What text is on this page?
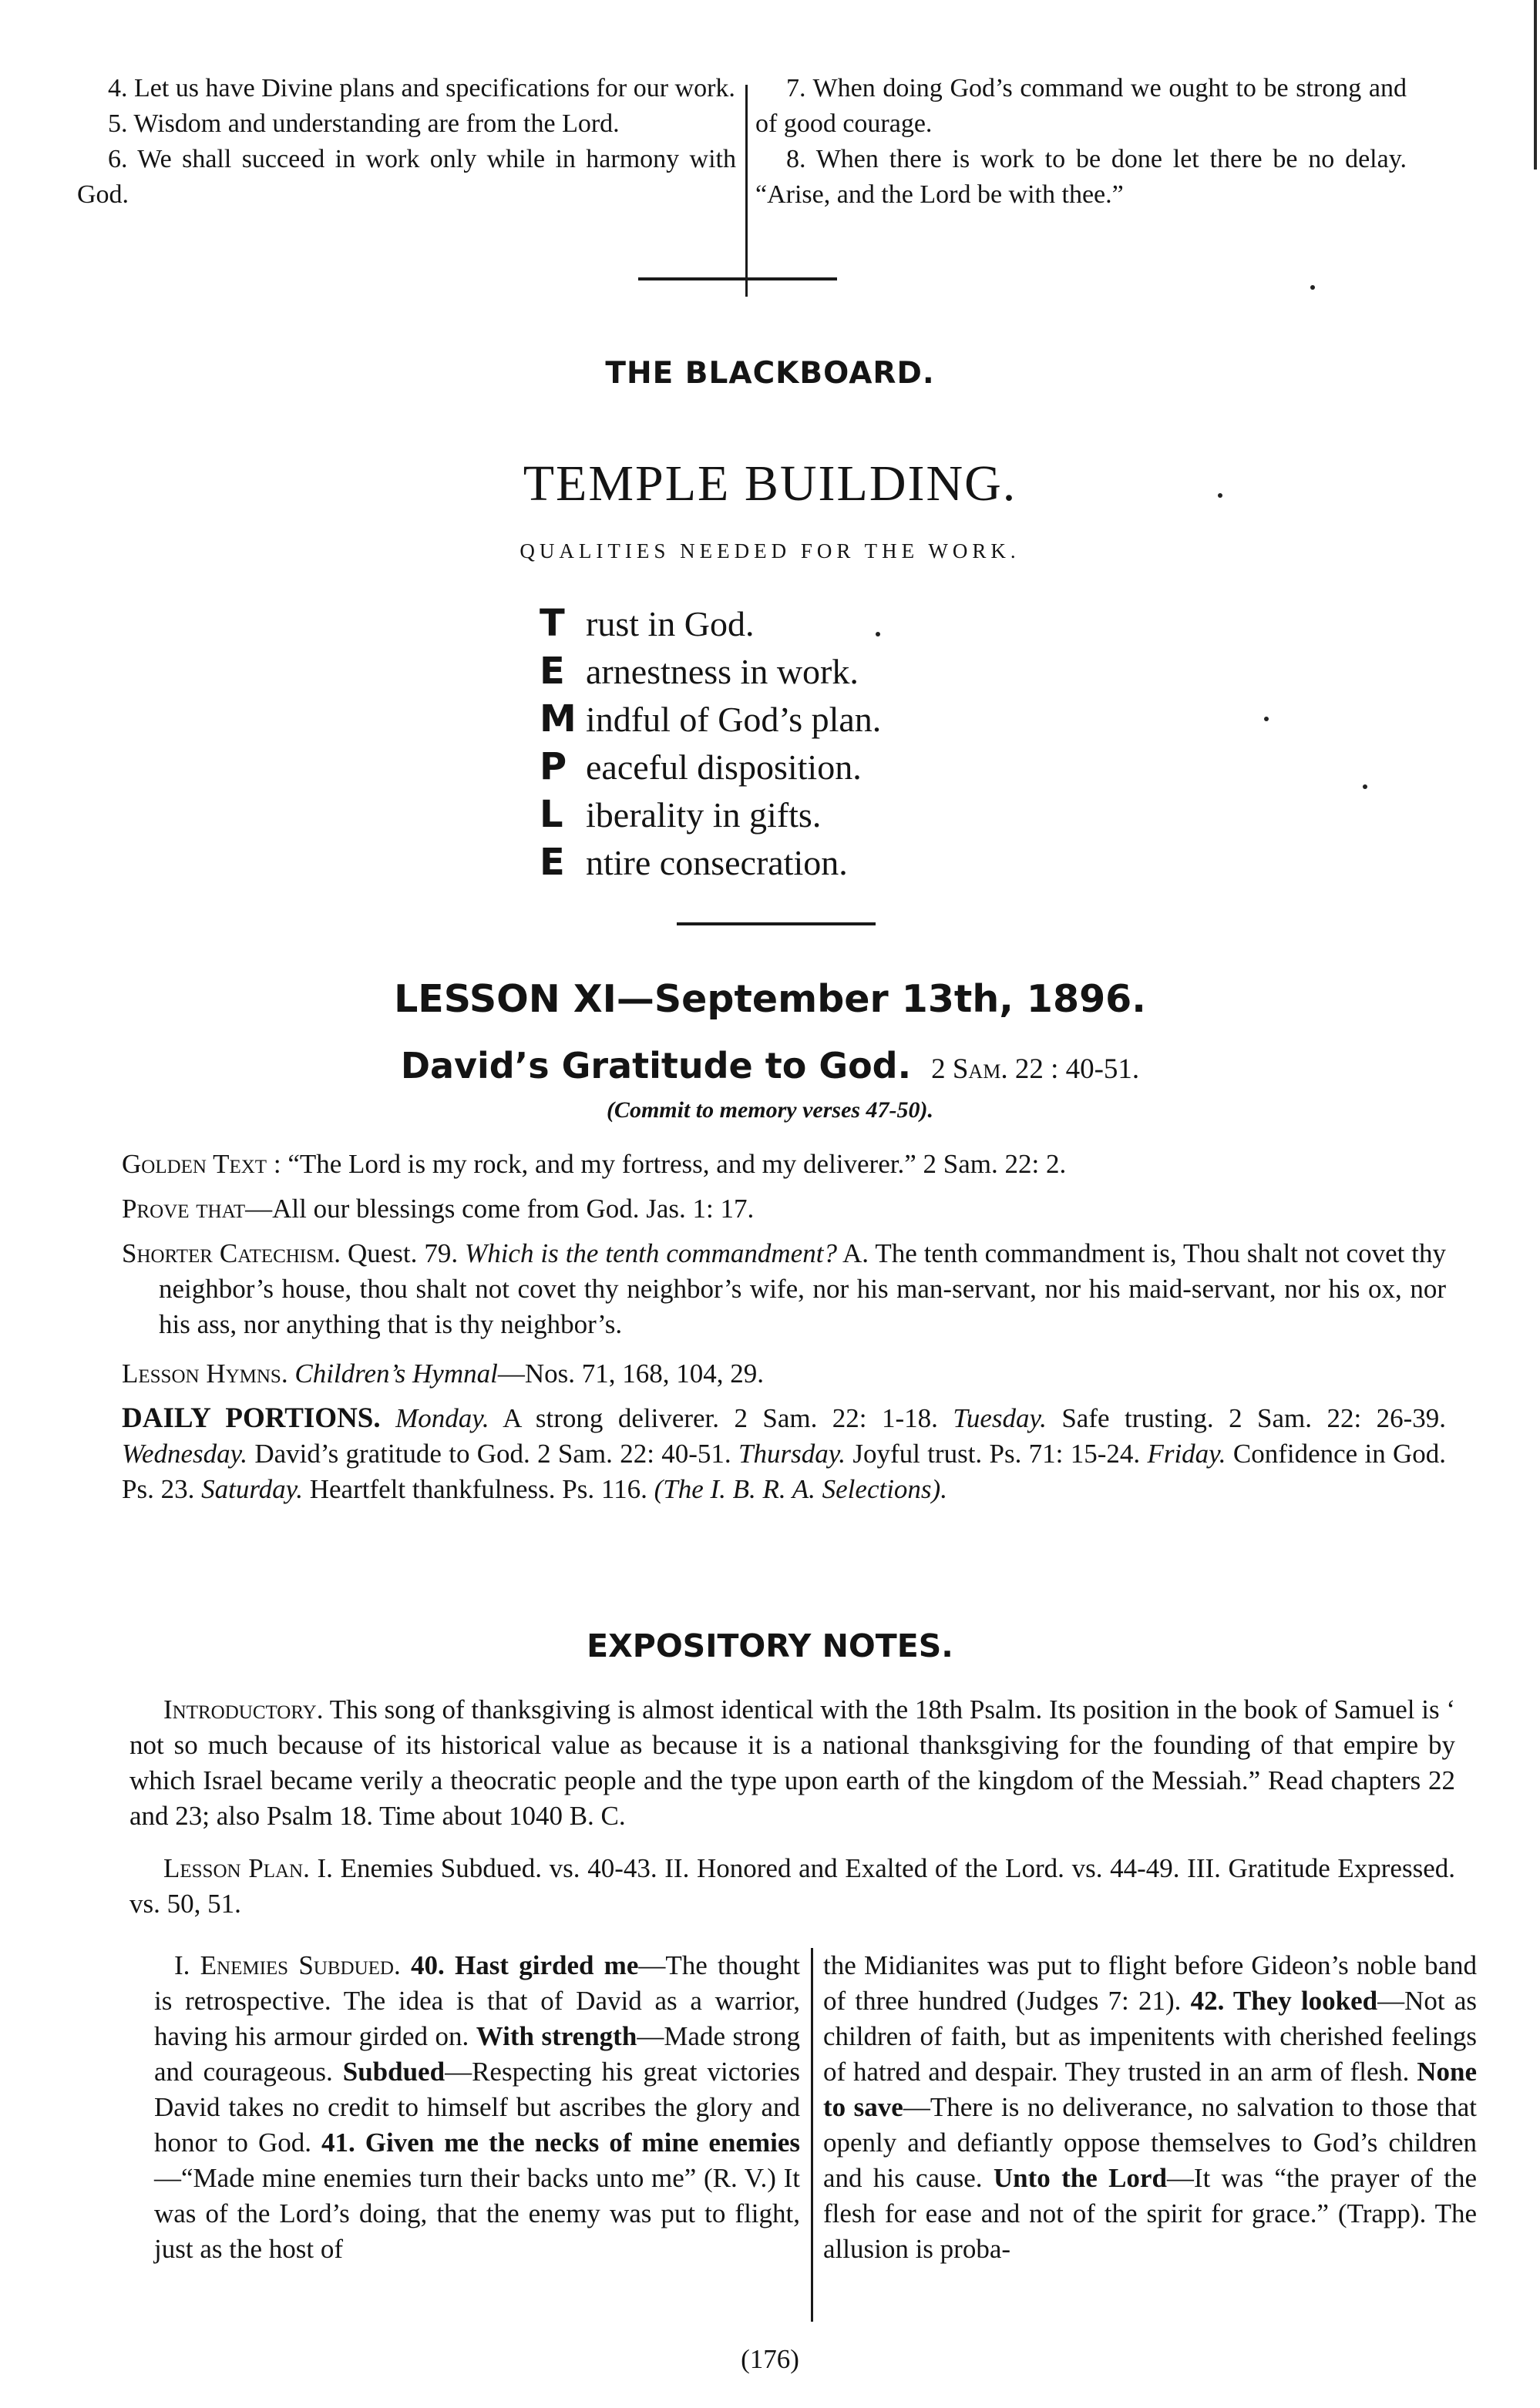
4. Let us have Divine plans and specifications for our work.

5. Wisdom and understanding are from the Lord.

6. We shall succeed in work only while in harmony with God.

7. When doing God’s command we ought to be strong and of good courage.

8. When there is work to be done let there be no delay. “Arise, and the Lord be with thee.”

THE BLACKBOARD.
TEMPLE BUILDING.
QUALITIES NEEDED FOR THE WORK.
T rust in God.
E arnestness in work.
M indful of God’s plan.
P eaceful disposition.
L iberality in gifts.
E ntire consecration.
LESSON XI—September 13th, 1896.
David’s Gratitude to God. 2 Sam. 22 : 40-51.
(Commit to memory verses 47-50).

Golden Text : “The Lord is my rock, and my fortress, and my deliverer.” 2 Sam. 22: 2.

Prove that—All our blessings come from God. Jas. 1: 17.

Shorter Catechism. Quest. 79. Which is the tenth commandment? A. The tenth commandment is, Thou shalt not covet thy neighbor’s house, thou shalt not covet thy neighbor’s wife, nor his man-servant, nor his maid-servant, nor his ox, nor his ass, nor anything that is thy neighbor’s.

Lesson Hymns. Children’s Hymnal—Nos. 71, 168, 104, 29.

DAILY PORTIONS. Monday. A strong deliverer. 2 Sam. 22: 1-18. Tuesday. Safe trusting. 2 Sam. 22: 26-39. Wednesday. David’s gratitude to God. 2 Sam. 22: 40-51. Thursday. Joyful trust. Ps. 71: 15-24. Friday. Confidence in God. Ps. 23. Saturday. Heartfelt thankfulness. Ps. 116. (The I. B. R. A. Selections).

EXPOSITORY NOTES.

Introductory. This song of thanksgiving is almost identical with the 18th Psalm. Its position in the book of Samuel is ‘ not so much because of its historical value as because it is a national thanksgiving for the founding of that empire by which Israel became verily a theocratic people and the type upon earth of the kingdom of the Messiah.” Read chapters 22 and 23; also Psalm 18. Time about 1040 B. C.

Lesson Plan. I. Enemies Subdued. vs. 40-43. II. Honored and Exalted of the Lord. vs. 44-49. III. Gratitude Expressed. vs. 50, 51.

I. Enemies Subdued. 40. Hast girded me—The thought is retrospective. The idea is that of David as a warrior, having his armour girded on. With strength—Made strong and courageous. Subdued—Respecting his great victories David takes no credit to himself but ascribes the glory and honor to God. 41. Given me the necks of mine enemies—“Made mine enemies turn their backs unto me” (R. V.) It was of the Lord’s doing, that the enemy was put to flight, just as the host of

the Midianites was put to flight before Gideon’s noble band of three hundred (Judges 7: 21). 42. They looked—Not as children of faith, but as impenitents with cherished feelings of hatred and despair. They trusted in an arm of flesh. None to save—There is no deliverance, no salvation to those that openly and defiantly oppose themselves to God’s children and his cause. Unto the Lord—It was “the prayer of the flesh for ease and not of the spirit for grace.” (Trapp). The allusion is proba-

(176)
